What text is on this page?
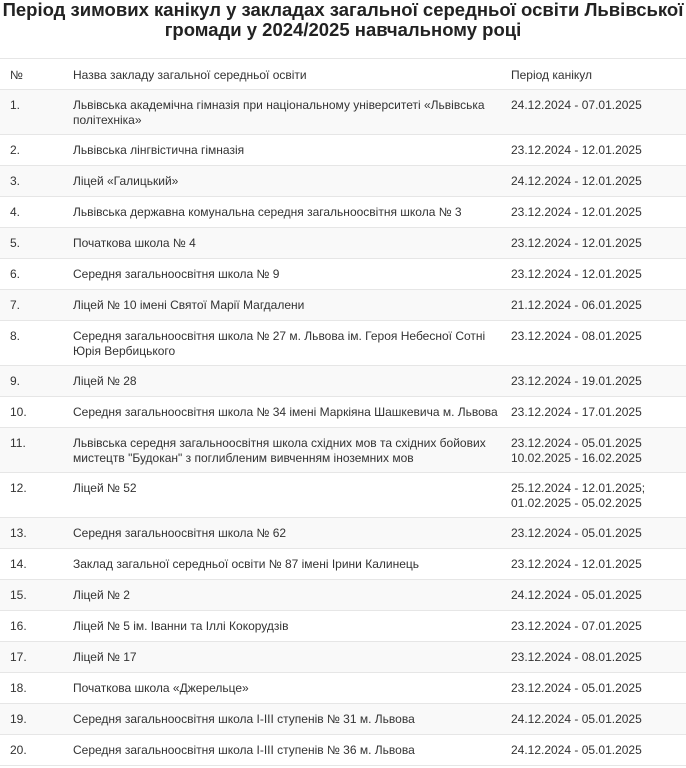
Період зимових канікул у закладах загальної середньої освіти Львівської громади у 2024/2025 навчальному році
№	Назва закладу загальної середньої освіти	Період канікул
1.	Львівська академічна гімназія при національному університеті «Львівська політехніка»	24.12.2024 - 07.01.2025

2.	Львівська лінгвістична гімназія	23.12.2024 - 12.01.2025

3.	Ліцей «Галицький»	24.12.2024 - 12.01.2025

4.	Львівська державна комунальна середня загальноосвітня школа № 3	23.12.2024 - 12.01.2025

5.	Початкова школа № 4	23.12.2024 - 12.01.2025

6.	Середня загальноосвітня школа № 9	23.12.2024 - 12.01.2025

7.	Ліцей № 10 імені Святої Марії Магдалени	21.12.2024 - 06.01.2025

8.	Середня загальноосвітня школа № 27 м. Львова ім. Героя Небесної Сотні Юрія Вербицького	23.12.2024 - 08.01.2025

9.	Ліцей № 28	23.12.2024 - 19.01.2025

10.	Середня загальноосвітня школа № 34 імені Маркіяна Шашкевича м. Львова	23.12.2024 - 17.01.2025

11.	Львівська середня загальноосвітня школа східних мов та східних бойових мистецтв "Будокан" з поглибленим вивченням іноземних мов	23.12.2024 - 05.01.2025
10.02.2025 - 16.02.2025

12.	Ліцей № 52	25.12.2024 - 12.01.2025;
01.02.2025 - 05.02.2025

13.	Середня загальноосвітня школа № 62	23.12.2024 - 05.01.2025

14.	Заклад загальної середньої освіти № 87 імені Ірини Калинець	23.12.2024 - 12.01.2025

15.	Ліцей № 2	24.12.2024 - 05.01.2025

16.	Ліцей № 5 ім. Іванни та Іллі Кокорудзів	23.12.2024 - 07.01.2025

17.	Ліцей № 17	23.12.2024 - 08.01.2025

18.	Початкова школа «Джерельце»	23.12.2024 - 05.01.2025

19.	Середня загальноосвітня школа І-ІІІ ступенів № 31 м. Львова	24.12.2024 - 05.01.2025

20.	Середня загальноосвітня школа І-ІІІ ступенів № 36 м. Львова	24.12.2024 - 05.01.2025
